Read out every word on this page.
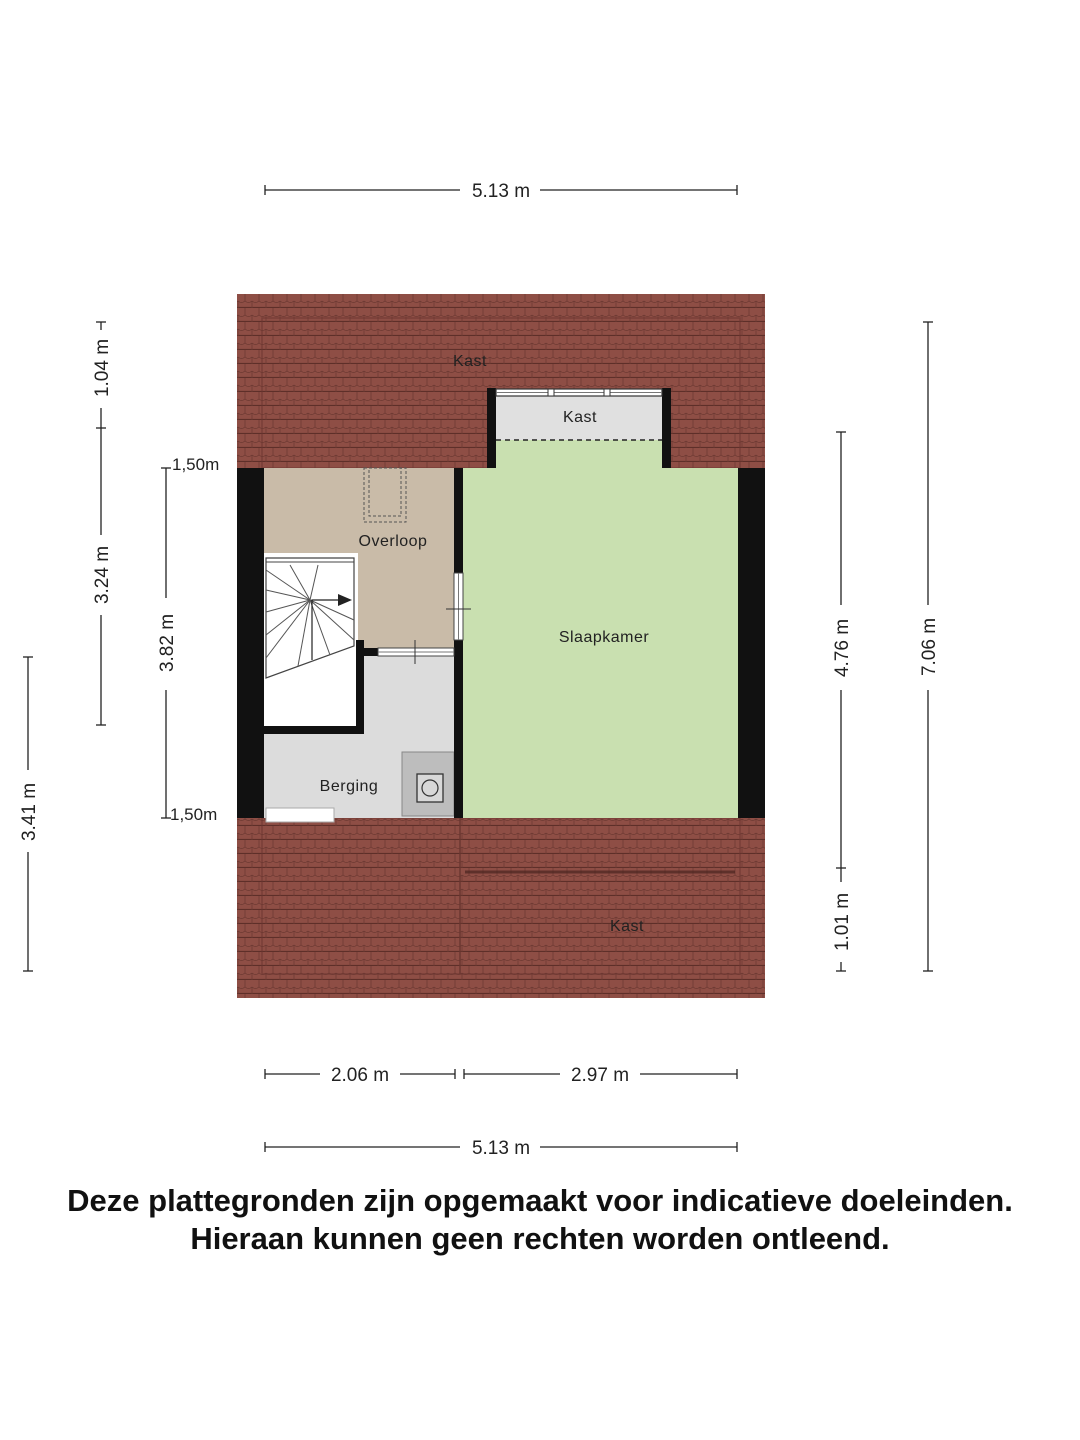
Kast
Kast
Overloop
Slaapkamer
Berging
Kast
5.13 m
2.06 m	2.97 m
5.13 m
1.04 m
3.24 m
3.82 m
3.41 m
4.76 m
1.01 m
7.06 m
1,50m
1,50m
Deze plattegronden zijn opgemaakt voor indicatieve doeleinden.
Hieraan kunnen geen rechten worden ontleend.
